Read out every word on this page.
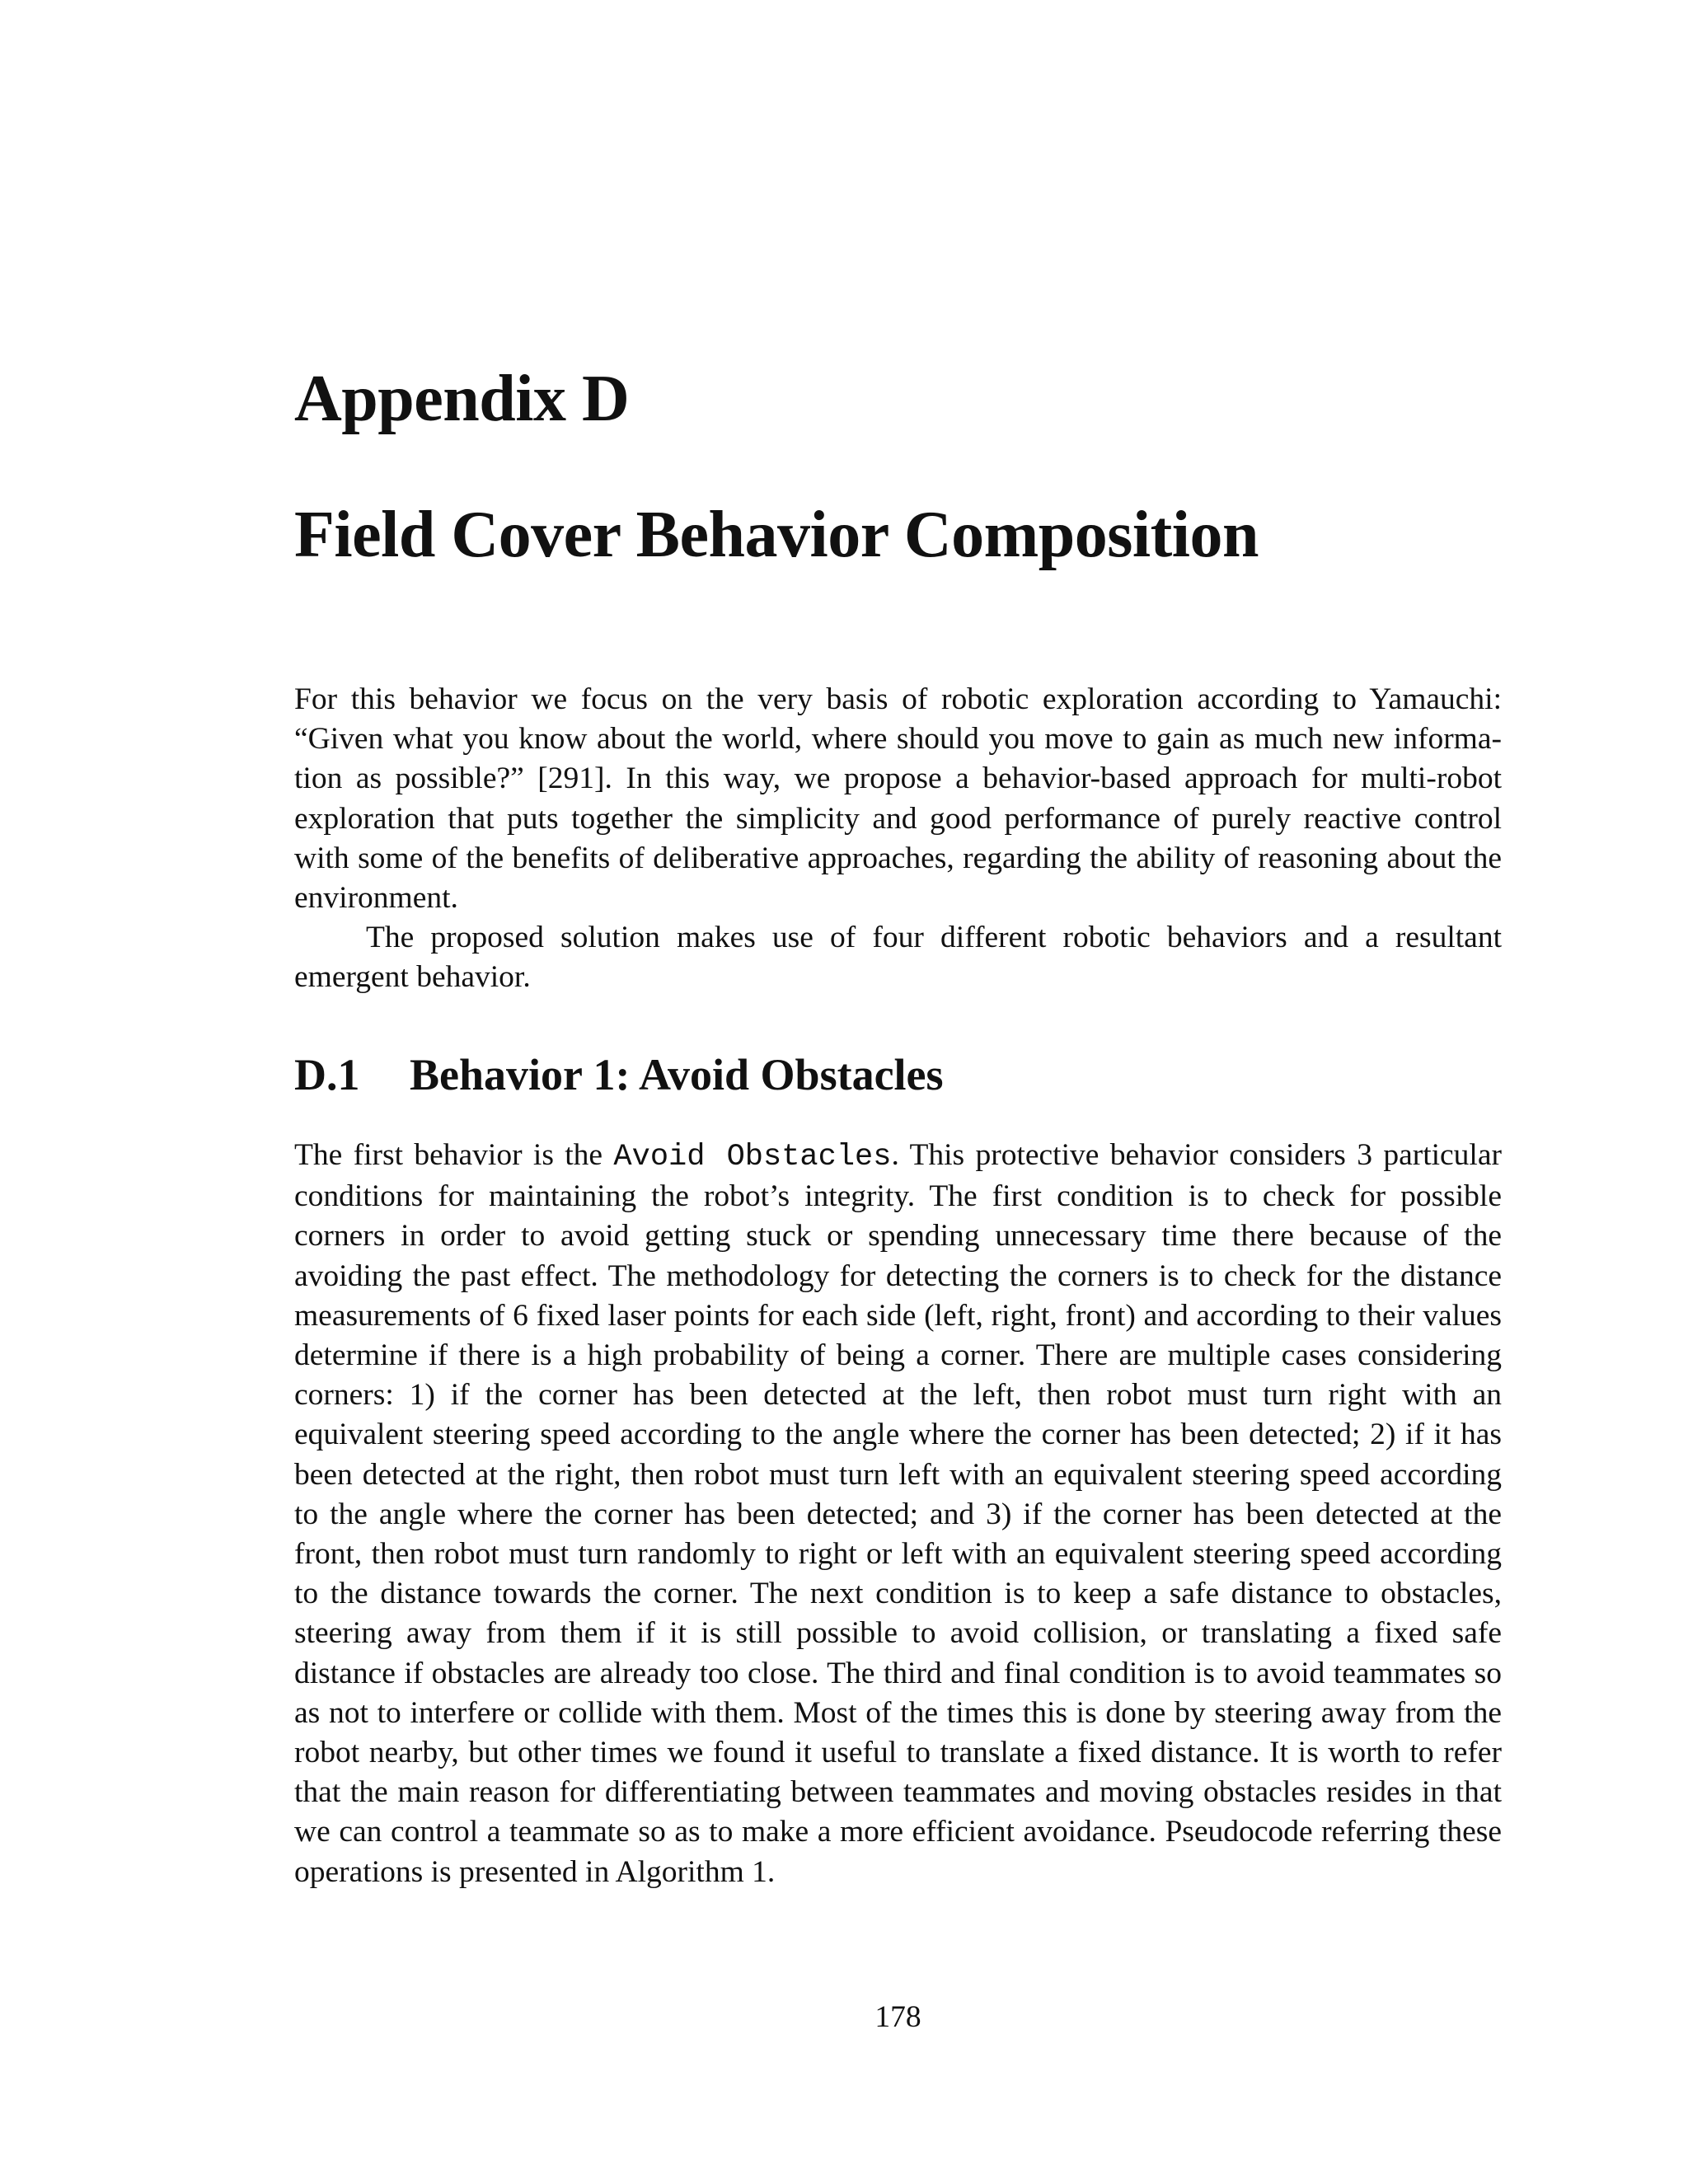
Appendix D
Field Cover Behavior Composition

For this behavior we focus on the very basis of robotic exploration according to Yamauchi: “Given what you know about the world, where should you move to gain as much new information as possible?” [291]. In this way, we propose a behavior-based approach for multi-robot exploration that puts together the simplicity and good performance of purely reactive control with some of the benefits of deliberative approaches, regarding the ability of reasoning about the environment.

The proposed solution makes use of four different robotic behaviors and a resultant emergent behavior.

D.1 Behavior 1: Avoid Obstacles

The first behavior is the Avoid Obstacles. This protective behavior considers 3 particular conditions for maintaining the robot’s integrity. The first condition is to check for possible corners in order to avoid getting stuck or spending unnecessary time there because of the avoiding the past effect. The methodology for detecting the corners is to check for the distance measurements of 6 fixed laser points for each side (left, right, front) and according to their values determine if there is a high probability of being a corner. There are multiple cases considering corners: 1) if the corner has been detected at the left, then robot must turn right with an equivalent steering speed according to the angle where the corner has been detected; 2) if it has been detected at the right, then robot must turn left with an equivalent steering speed according to the angle where the corner has been detected; and 3) if the corner has been detected at the front, then robot must turn randomly to right or left with an equivalent steering speed according to the distance towards the corner. The next condition is to keep a safe distance to obstacles, steering away from them if it is still possible to avoid collision, or translating a fixed safe distance if obstacles are already too close. The third and final condition is to avoid teammates so as not to interfere or collide with them. Most of the times this is done by steering away from the robot nearby, but other times we found it useful to translate a fixed distance. It is worth to refer that the main reason for differentiating between teammates and moving obstacles resides in that we can control a teammate so as to make a more efficient avoidance. Pseudocode referring these operations is presented in Algorithm 1.

178
